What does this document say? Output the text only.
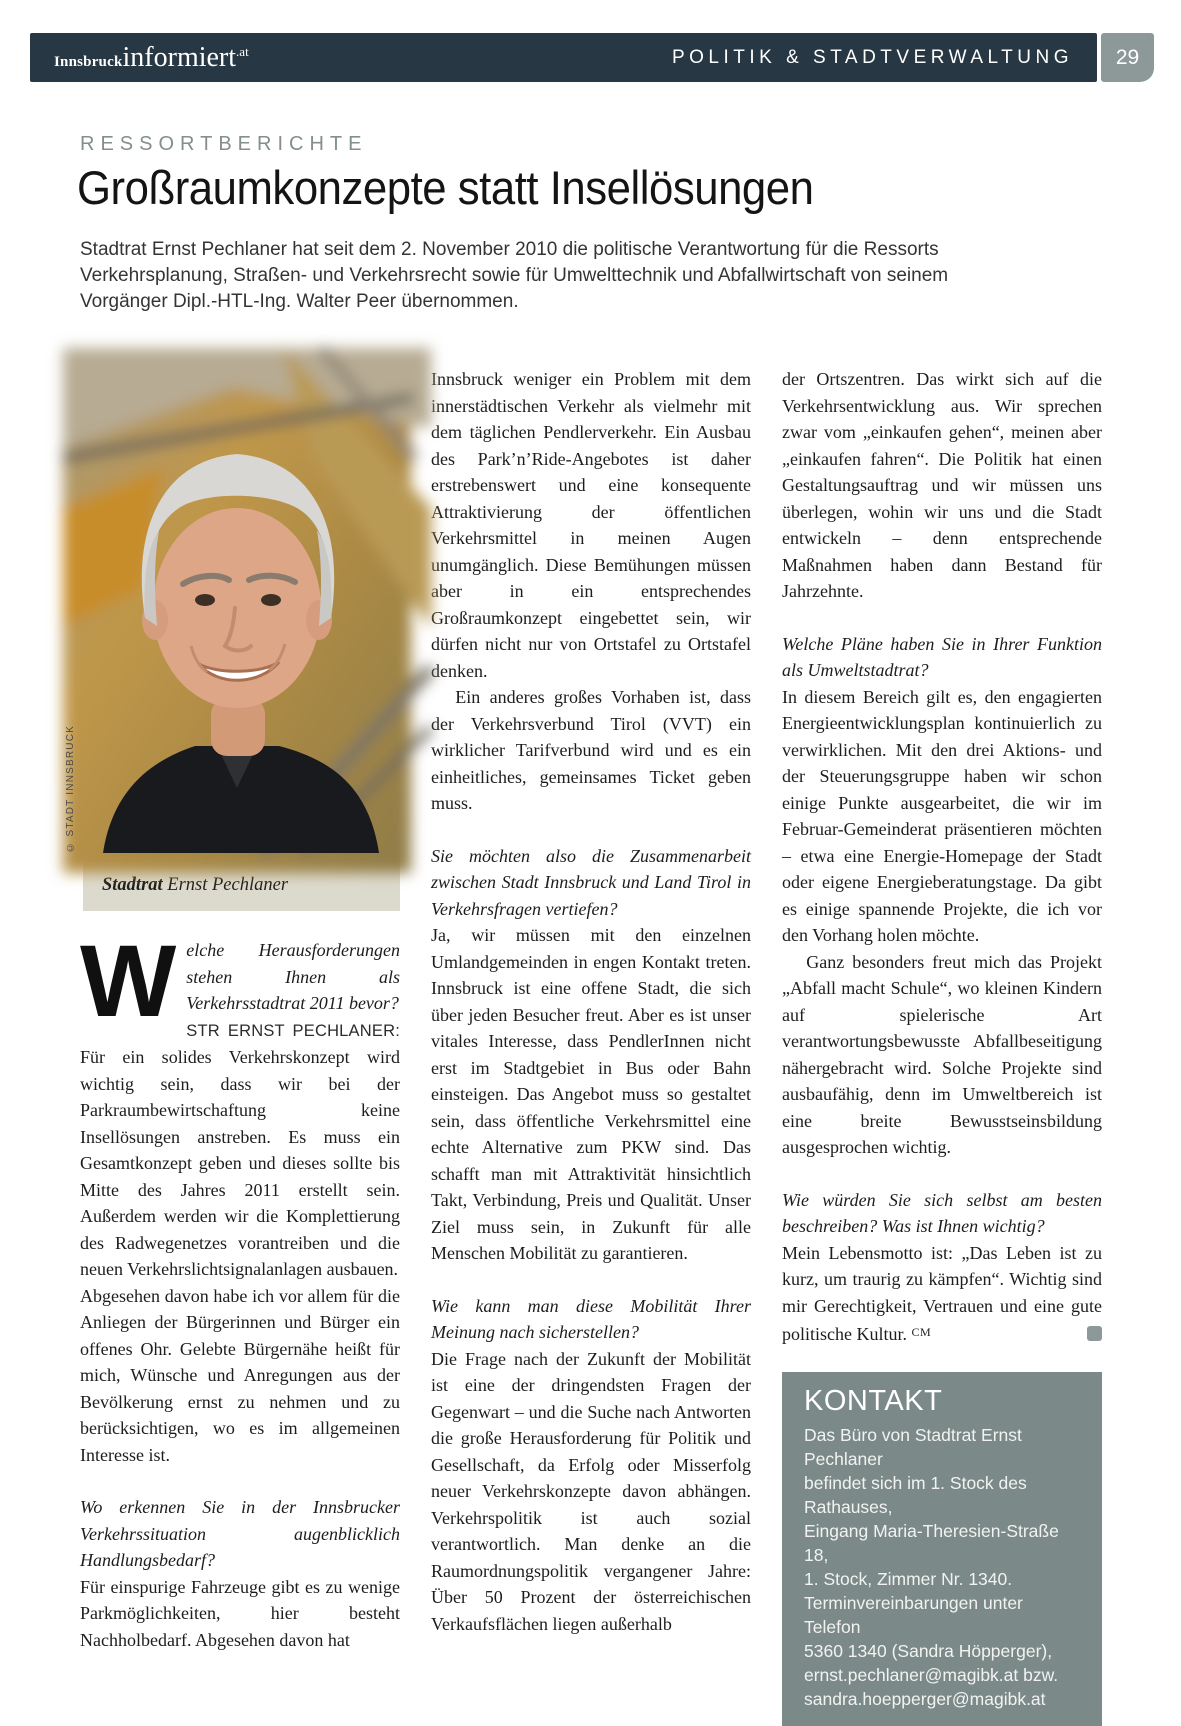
Innsbruckinformiert$^{.at}$	POLITIK & STADTVERWALTUNG	29
RESSORTBERICHTE
Großraumkonzepte statt Insellösungen
Stadtrat Ernst Pechlaner hat seit dem 2. November 2010 die politische Verantwortung für die Ressorts Verkehrsplanung, Straßen- und Verkehrsrecht sowie für Umwelttechnik und Abfallwirtschaft von seinem Vorgänger Dipl.-HTL-Ing. Walter Peer übernommen.
© STADT INNSBRUCK
Stadtrat Ernst Pechlaner

Welche Herausforderungen stehen Ihnen als Verkehrsstadtrat 2011 bevor?

STR ERNST PECHLANER: Für ein solides Verkehrskonzept wird wichtig sein, dass wir bei der Parkraumbewirtschaftung keine Insellösungen anstreben. Es muss ein Gesamtkonzept geben und dieses sollte bis Mitte des Jahres 2011 erstellt sein. Außerdem werden wir die Komplettierung des Radwegenetzes vorantreiben und die neuen Verkehrslichtsignalanlagen ausbauen.

Abgesehen davon habe ich vor allem für die Anliegen der Bürgerinnen und Bürger ein offenes Ohr. Gelebte Bürgernähe heißt für mich, Wünsche und Anregungen aus der Bevölkerung ernst zu nehmen und zu berücksichtigen, wo es im allgemeinen Interesse ist.

Wo erkennen Sie in der Innsbrucker Verkehrssituation augenblicklich Handlungsbedarf?

Für einspurige Fahrzeuge gibt es zu wenige Parkmöglichkeiten, hier besteht Nachholbedarf. Abgesehen davon hat

Innsbruck weniger ein Problem mit dem innerstädtischen Verkehr als vielmehr mit dem täglichen Pendlerverkehr. Ein Ausbau des Park’n’Ride-Angebotes ist daher erstrebenswert und eine konsequente Attraktivierung der öffentlichen Verkehrsmittel in meinen Augen unumgänglich. Diese Bemühungen müssen aber in ein entsprechendes Großraumkonzept eingebettet sein, wir dürfen nicht nur von Ortstafel zu Ortstafel denken.

Ein anderes großes Vorhaben ist, dass der Verkehrsverbund Tirol (VVT) ein wirklicher Tarifverbund wird und es ein einheitliches, gemeinsames Ticket geben muss.

Sie möchten also die Zusammenarbeit zwischen Stadt Innsbruck und Land Tirol in Verkehrsfragen vertiefen?

Ja, wir müssen mit den einzelnen Umlandgemeinden in engen Kontakt treten. Innsbruck ist eine offene Stadt, die sich über jeden Besucher freut. Aber es ist unser vitales Interesse, dass PendlerInnen nicht erst im Stadtgebiet in Bus oder Bahn einsteigen. Das Angebot muss so gestaltet sein, dass öffentliche Verkehrsmittel eine echte Alternative zum PKW sind. Das schafft man mit Attraktivität hinsichtlich Takt, Verbindung, Preis und Qualität. Unser Ziel muss sein, in Zukunft für alle Menschen Mobilität zu garantieren.

Wie kann man diese Mobilität Ihrer Meinung nach sicherstellen?

Die Frage nach der Zukunft der Mobilität ist eine der dringendsten Fragen der Gegenwart – und die Suche nach Antworten die große Herausforderung für Politik und Gesellschaft, da Erfolg oder Misserfolg neuer Verkehrskonzepte davon abhängen. Verkehrspolitik ist auch sozial verantwortlich. Man denke an die Raumordnungspolitik vergangener Jahre: Über 50 Prozent der österreichischen Verkaufsflächen liegen außerhalb

der Ortszentren. Das wirkt sich auf die Verkehrsentwicklung aus. Wir sprechen zwar vom „einkaufen gehen“, meinen aber „einkaufen fahren“. Die Politik hat einen Gestaltungsauftrag und wir müssen uns überlegen, wohin wir uns und die Stadt entwickeln – denn entsprechende Maßnahmen haben dann Bestand für Jahrzehnte.

Welche Pläne haben Sie in Ihrer Funktion als Umweltstadtrat?

In diesem Bereich gilt es, den engagierten Energieentwicklungsplan kontinuierlich zu verwirklichen. Mit den drei Aktions- und der Steuerungsgruppe haben wir schon einige Punkte ausgearbeitet, die wir im Februar-Gemeinderat präsentieren möchten – etwa eine Energie-Homepage der Stadt oder eigene Energieberatungstage. Da gibt es einige spannende Projekte, die ich vor den Vorhang holen möchte.

Ganz besonders freut mich das Projekt „Abfall macht Schule“, wo kleinen Kindern auf spielerische Art verantwortungsbewusste Abfallbeseitigung nähergebracht wird. Solche Projekte sind ausbaufähig, denn im Umweltbereich ist eine breite Bewusstseinsbildung ausgesprochen wichtig.

Wie würden Sie sich selbst am besten beschreiben? Was ist Ihnen wichtig?

Mein Lebensmotto ist: „Das Leben ist zu kurz, um traurig zu kämpfen“. Wichtig sind mir Gerechtigkeit, Vertrauen und eine gute politische Kultur. $^{CM}$

KONTAKT
Das Büro von Stadtrat Ernst Pechlaner
befindet sich im 1. Stock des Rathauses,
Eingang Maria-Theresien-Straße 18,
1. Stock, Zimmer Nr. 1340.
Terminvereinbarungen unter Telefon
5360 1340 (Sandra Höpperger),
ernst.pechlaner@magibk.at bzw.
sandra.hoepperger@magibk.at
